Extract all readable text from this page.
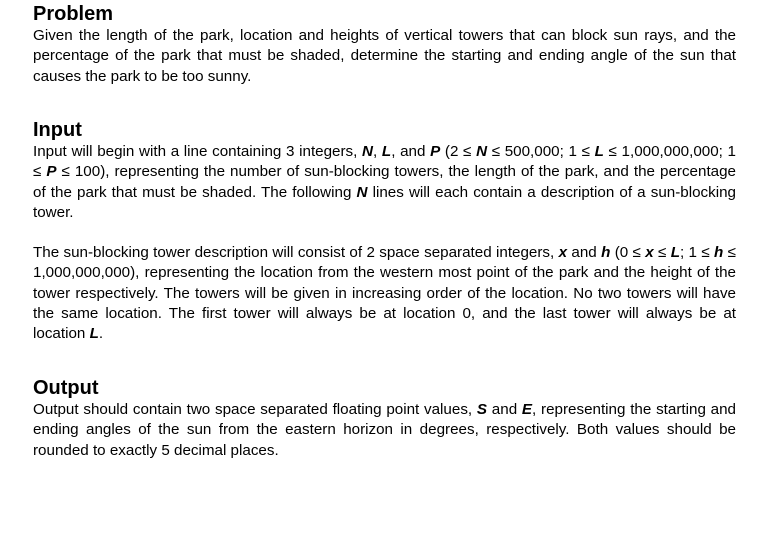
Problem

Given the length of the park, location and heights of vertical towers that can block sun rays, and the percentage of the park that must be shaded, determine the starting and ending angle of the sun that causes the park to be too sunny.

Input

Input will begin with a line containing 3 integers, N, L, and P (2 ≤ N ≤ 500,000; 1 ≤ L ≤ 1,000,000,000; 1 ≤ P ≤ 100), representing the number of sun-blocking towers, the length of the park, and the percentage of the park that must be shaded. The following N lines will each contain a description of a sun-blocking tower.

The sun-blocking tower description will consist of 2 space separated integers, x and h (0 ≤ x ≤ L; 1 ≤ h ≤ 1,000,000,000), representing the location from the western most point of the park and the height of the tower respectively. The towers will be given in increasing order of the location. No two towers will have the same location. The first tower will always be at location 0, and the last tower will always be at location L.

Output

Output should contain two space separated floating point values, S and E, representing the starting and ending angles of the sun from the eastern horizon in degrees, respectively. Both values should be rounded to exactly 5 decimal places.
